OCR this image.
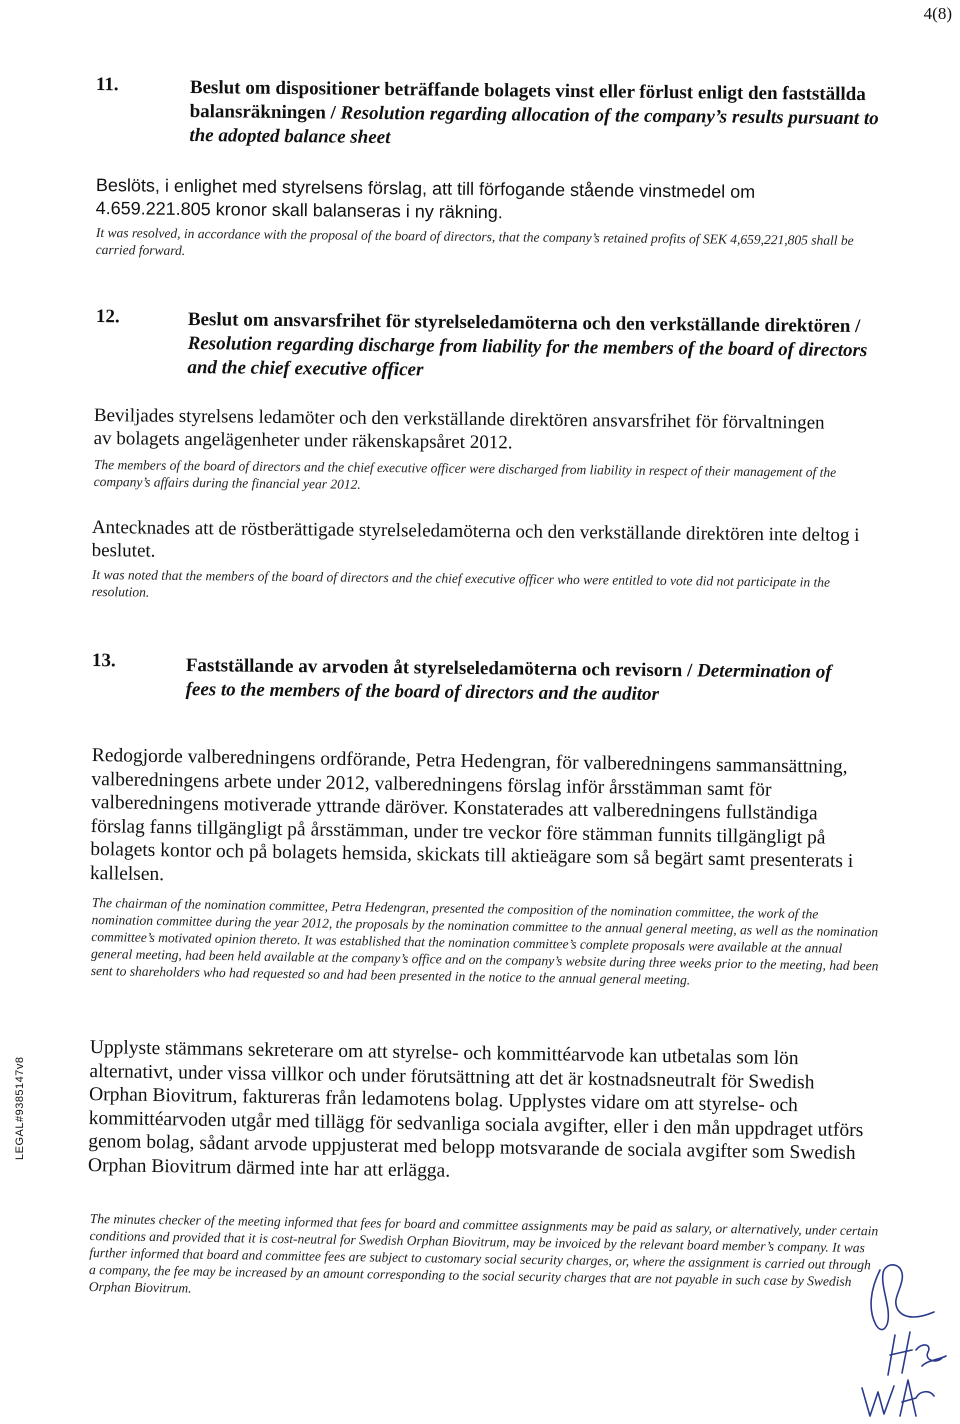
4(8)
11.	Beslut om dispositioner beträffande bolagets vinst eller förlust enligt den fastställda balansräkningen / Resolution regarding allocation of the company’s results pursuant to the adopted balance sheet
Beslöts, i enlighet med styrelsens förslag, att till förfogande stående vinstmedel om 4.659.221.805 kronor skall balanseras i ny räkning.
It was resolved, in accordance with the proposal of the board of directors, that the company’s retained profits of SEK 4,659,221,805 shall be carried forward.
12.	Beslut om ansvarsfrihet för styrelseledamöterna och den verkställande direktören / Resolution regarding discharge from liability for the members of the board of directors and the chief executive officer
Beviljades styrelsens ledamöter och den verkställande direktören ansvarsfrihet för förvaltningen av bolagets angelägenheter under räkenskapsåret 2012.
The members of the board of directors and the chief executive officer were discharged from liability in respect of their management of the company’s affairs during the financial year 2012.
Antecknades att de röstberättigade styrelseledamöterna och den verkställande direktören inte deltog i beslutet.
It was noted that the members of the board of directors and the chief executive officer who were entitled to vote did not participate in the resolution.
13.	Fastställande av arvoden åt styrelseledamöterna och revisorn / Determination of fees to the members of the board of directors and the auditor
Redogjorde valberedningens ordförande, Petra Hedengran, för valberedningens sammansättning, valberedningens arbete under 2012, valberedningens förslag inför årsstämman samt för valberedningens motiverade yttrande däröver. Konstaterades att valberedningens fullständiga förslag fanns tillgängligt på årsstämman, under tre veckor före stämman funnits tillgängligt på bolagets kontor och på bolagets hemsida, skickats till aktieägare som så begärt samt presenterats i kallelsen.
The chairman of the nomination committee, Petra Hedengran, presented the composition of the nomination committee, the work of the nomination committee during the year 2012, the proposals by the nomination committee to the annual general meeting, as well as the nomination committee’s motivated opinion thereto. It was established that the nomination committee’s complete proposals were available at the annual general meeting, had been held available at the company’s office and on the company’s website during three weeks prior to the meeting, had been sent to shareholders who had requested so and had been presented in the notice to the annual general meeting.
Upplyste stämmans sekreterare om att styrelse- och kommittéarvode kan utbetalas som lön alternativt, under vissa villkor och under förutsättning att det är kostnadsneutralt för Swedish Orphan Biovitrum, faktureras från ledamotens bolag. Upplystes vidare om att styrelse- och kommittéarvoden utgår med tillägg för sedvanliga sociala avgifter, eller i den mån uppdraget utförs genom bolag, sådant arvode uppjusterat med belopp motsvarande de sociala avgifter som Swedish Orphan Biovitrum därmed inte har att erlägga.
The minutes checker of the meeting informed that fees for board and committee assignments may be paid as salary, or alternatively, under certain conditions and provided that it is cost-neutral for Swedish Orphan Biovitrum, may be invoiced by the relevant board member’s company. It was further informed that board and committee fees are subject to customary social security charges, or, where the assignment is carried out through a company, the fee may be increased by an amount corresponding to the social security charges that are not payable in such case by Swedish Orphan Biovitrum.
LEGAL#9385147v8
